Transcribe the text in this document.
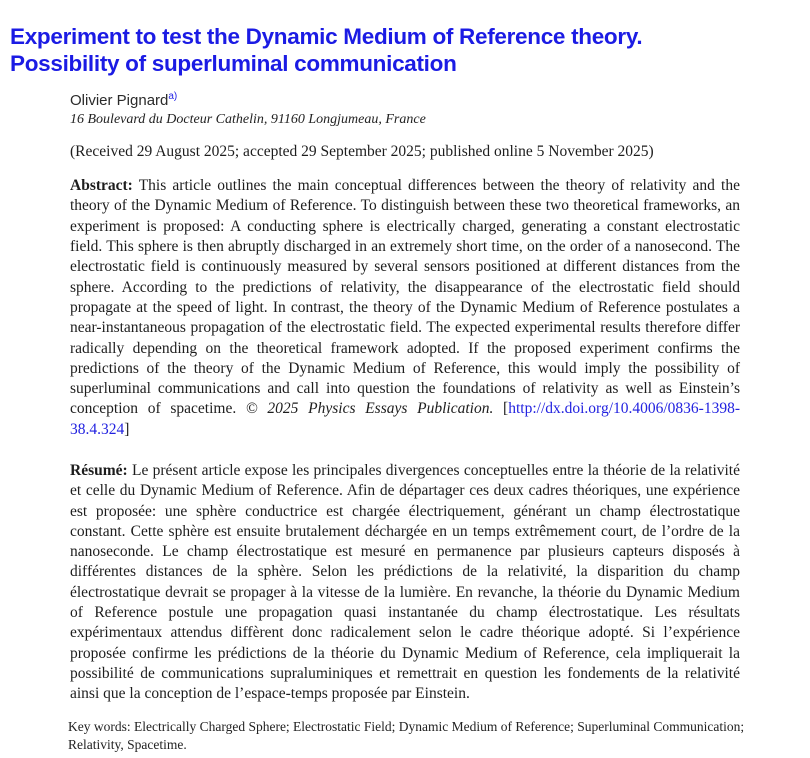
Experiment to test the Dynamic Medium of Reference theory.
Possibility of superluminal communication
Olivier Pignard$^{a)}$
16 Boulevard du Docteur Cathelin, 91160 Longjumeau, France
(Received 29 August 2025; accepted 29 September 2025; published online 5 November 2025)

Abstract: This article outlines the main conceptual differences between the theory of relativity and the theory of the Dynamic Medium of Reference. To distinguish between these two theoretical frameworks, an experiment is proposed: A conducting sphere is electrically charged, generating a constant electrostatic field. This sphere is then abruptly discharged in an extremely short time, on the order of a nanosecond. The electrostatic field is continuously measured by several sensors positioned at different distances from the sphere. According to the predictions of relativity, the disappearance of the electrostatic field should propagate at the speed of light. In contrast, the theory of the Dynamic Medium of Reference postulates a near-instantaneous propagation of the electrostatic field. The expected experimental results therefore differ radically depending on the theoretical framework adopted. If the proposed experiment confirms the predictions of the theory of the Dynamic Medium of Reference, this would imply the possibility of superluminal communications and call into question the foundations of relativity as well as Einstein’s conception of spacetime. © 2025 Physics Essays Publication. [http://dx.doi.org/10.4006/0836-1398-38.4.324]

Résumé: Le présent article expose les principales divergences conceptuelles entre la théorie de la relativité et celle du Dynamic Medium of Reference. Afin de départager ces deux cadres théoriques, une expérience est proposée: une sphère conductrice est chargée électriquement, générant un champ électrostatique constant. Cette sphère est ensuite brutalement déchargée en un temps extrêmement court, de l’ordre de la nanoseconde. Le champ électrostatique est mesuré en permanence par plusieurs capteurs disposés à différentes distances de la sphère. Selon les prédictions de la relativité, la disparition du champ électrostatique devrait se propager à la vitesse de la lumière. En revanche, la théorie du Dynamic Medium of Reference postule une propagation quasi instantanée du champ électrostatique. Les résultats expérimentaux attendus diffèrent donc radicalement selon le cadre théorique adopté. Si l’expérience proposée confirme les prédictions de la théorie du Dynamic Medium of Reference, cela impliquerait la possibilité de communications supraluminiques et remettrait en question les fondements de la relativité ainsi que la conception de l’espace-temps proposée par Einstein.

Key words: Electrically Charged Sphere; Electrostatic Field; Dynamic Medium of Reference; Superluminal Communication; Relativity, Spacetime.
